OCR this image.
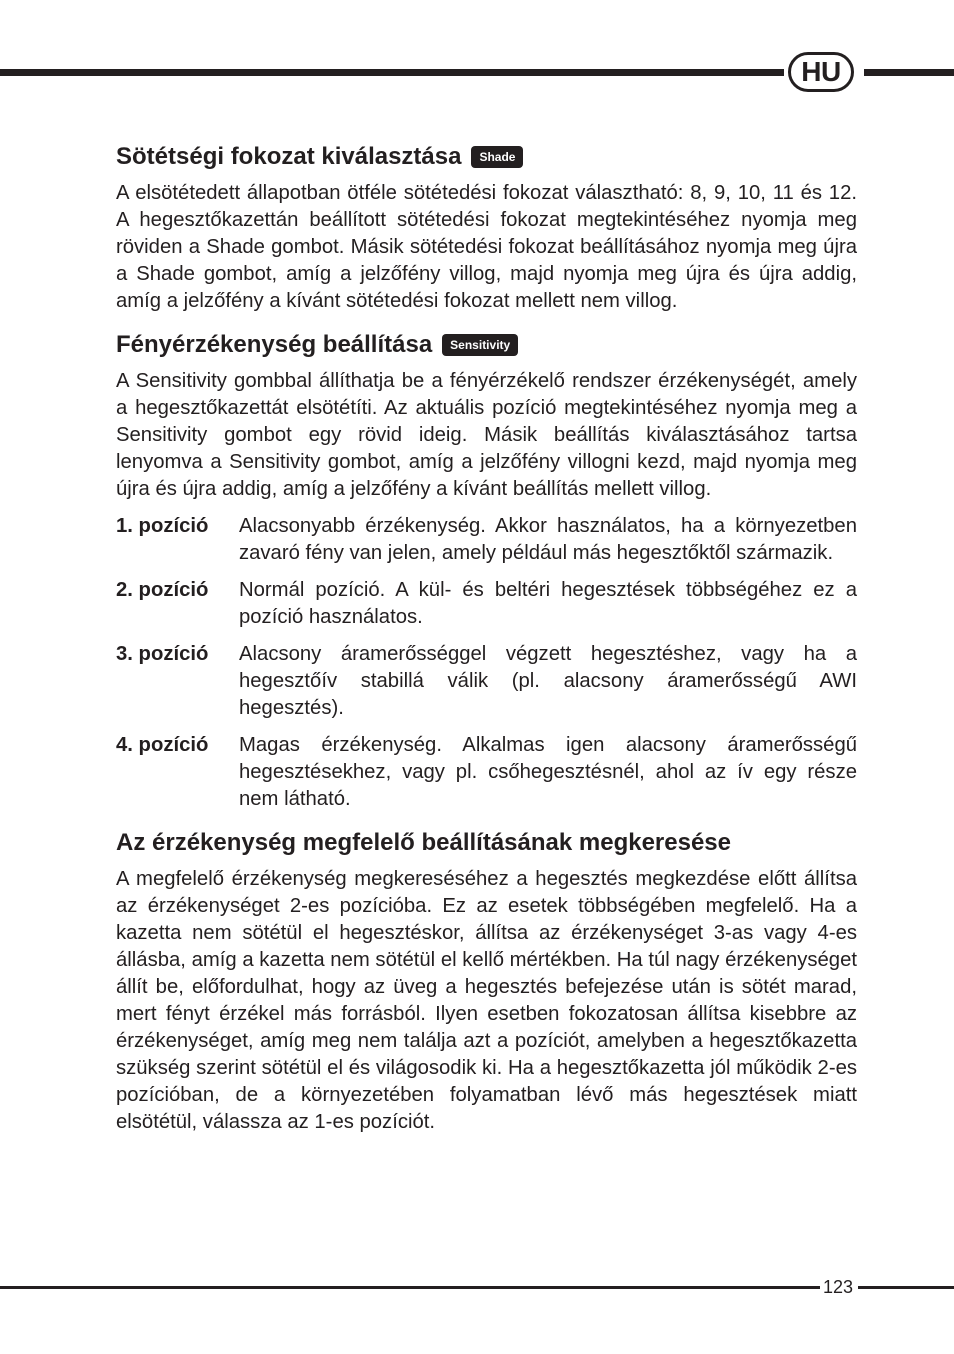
HU
Sötétségi fokozat kiválasztása	Shade

A elsötétedett állapotban ötféle sötétedési fokozat választható: 8, 9, 10, 11 és 12. A hegesztőkazettán beállított sötétedési fokozat megtekintéséhez nyomja meg röviden a Shade gombot. Másik sötétedési fokozat beállításához nyomja meg újra a Shade gombot, amíg a jelzőfény villog, majd nyomja meg újra és újra addig, amíg a jelzőfény a kívánt sötétedési fokozat mellett nem villog.

Fényérzékenység beállítása	Sensitivity

A Sensitivity gombbal állíthatja be a fényérzékelő rendszer érzékenységét, amely a hegesztőkazettát elsötétíti. Az aktuális pozíció megtekintéséhez nyomja meg a Sensitivity gombot egy rövid ideig. Másik beállítás kiválasztásához tartsa lenyomva a Sensitivity gombot, amíg a jelzőfény villogni kezd, majd nyomja meg újra és újra addig, amíg a jelzőfény a kívánt beállítás mellett villog.

1. pozíció	Alacsonyabb érzékenység. Akkor használatos, ha a környezetben zavaró fény van jelen, amely például más hegesztőktől származik.
2. pozíció	Normál pozíció. A kül- és beltéri hegesztések többségéhez ez a pozíció használatos.
3. pozíció	Alacsony áramerősséggel végzett hegesztéshez, vagy ha a hegesztőív stabillá válik (pl. alacsony áramerősségű AWI hegesztés).
4. pozíció	Magas érzékenység. Alkalmas igen alacsony áramerősségű hegesztésekhez, vagy pl. csőhegesztésnél, ahol az ív egy része nem látható.
Az érzékenység megfelelő beállításának megkeresése

A megfelelő érzékenység megkereséséhez a hegesztés megkezdése előtt állítsa az érzékenységet 2-es pozícióba. Ez az esetek többségében megfelelő. Ha a kazetta nem sötétül el hegesztéskor, állítsa az érzékenységet 3-as vagy 4-es állásba, amíg a kazetta nem sötétül el kellő mértékben. Ha túl nagy érzékenységet állít be, előfordulhat, hogy az üveg a hegesztés befejezése után is sötét marad, mert fényt érzékel más forrásból. Ilyen esetben fokozatosan állítsa kisebbre az érzékenységet, amíg meg nem találja azt a pozíciót, amelyben a hegesztőkazetta szükség szerint sötétül el és világosodik ki. Ha a hegesztőkazetta jól működik 2-es pozícióban, de a környezetében folyamatban lévő más hegesztések miatt elsötétül, válassza az 1-es pozíciót.

123
